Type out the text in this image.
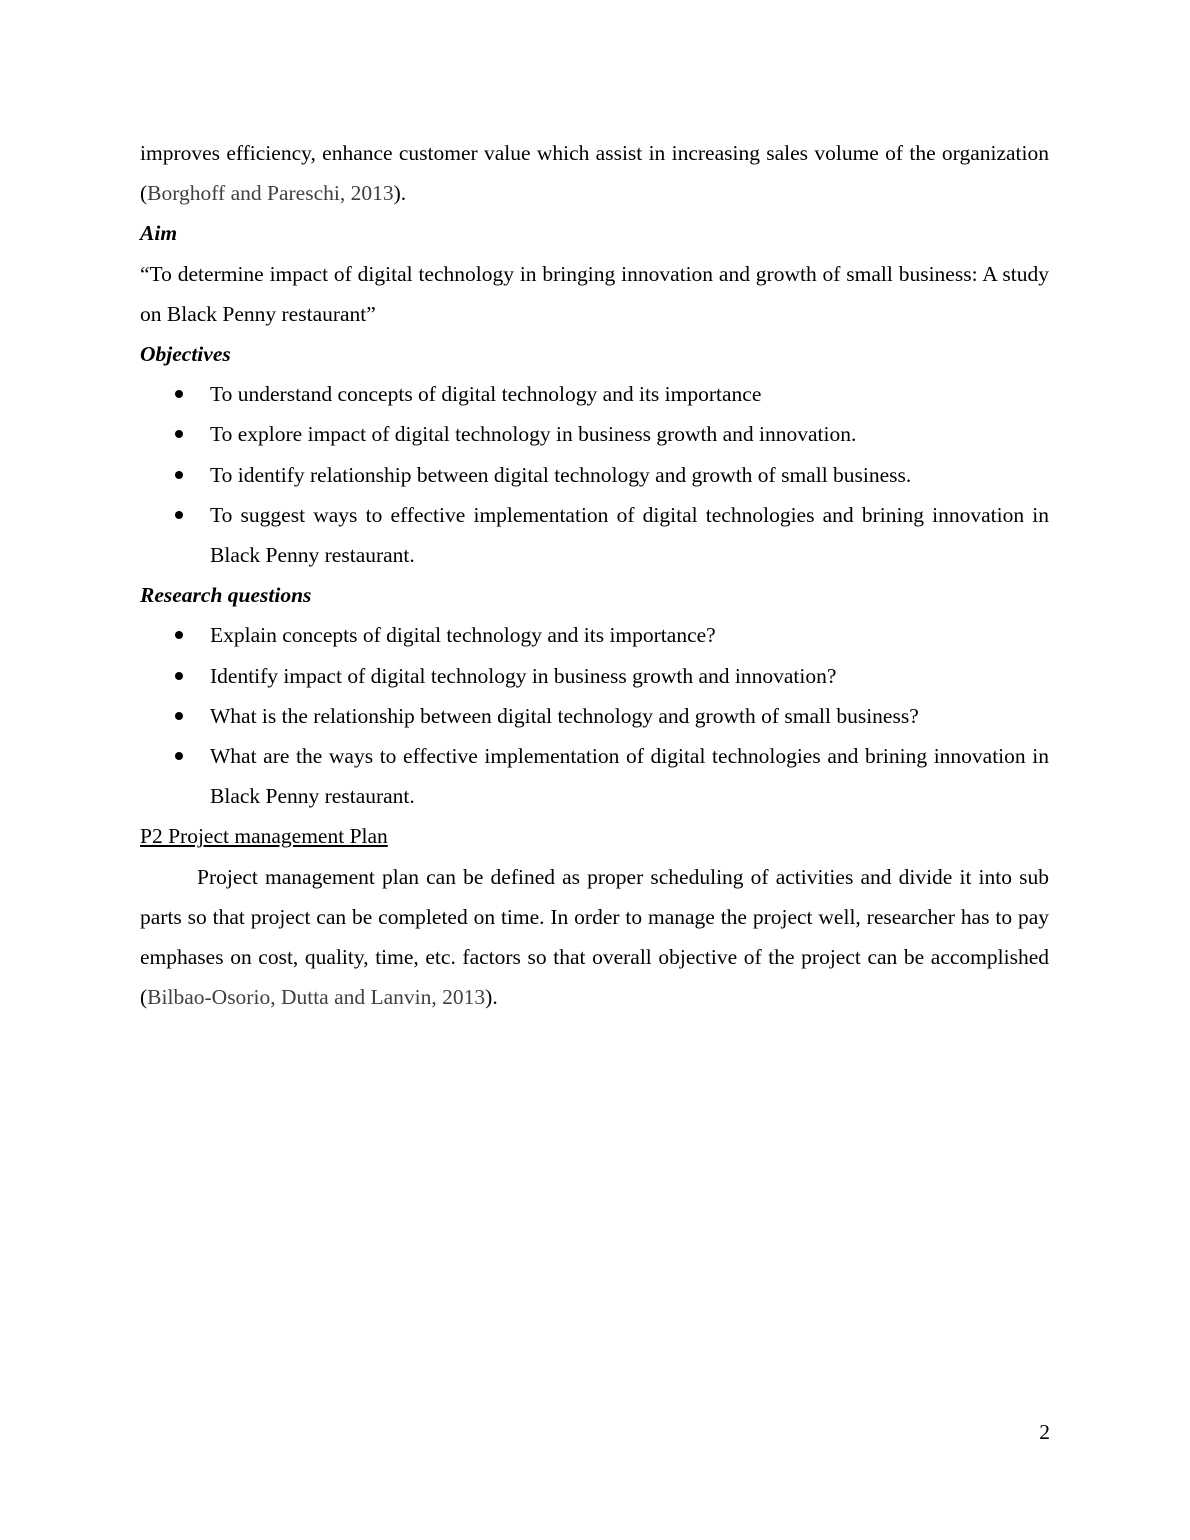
improves efficiency, enhance customer value which assist in increasing sales volume of the organization (Borghoff and Pareschi, 2013).

Aim

“To determine impact of digital technology in bringing innovation and growth of small business: A study on Black Penny restaurant”

Objectives

To understand concepts of digital technology and its importance
To explore impact of digital technology in business growth and innovation.
To identify relationship between digital technology and growth of small business.
To suggest ways to effective implementation of digital technologies and brining innovation in Black Penny restaurant.

Research questions

Explain concepts of digital technology and its importance?
Identify impact of digital technology in business growth and innovation?
What is the relationship between digital technology and growth of small business?
What are the ways to effective implementation of digital technologies and brining innovation in Black Penny restaurant.

P2 Project management Plan

Project management plan can be defined as proper scheduling of activities and divide it into sub parts so that project can be completed on time. In order to manage the project well, researcher has to pay emphases on cost, quality, time, etc. factors so that overall objective of the project can be accomplished (Bilbao-Osorio, Dutta and Lanvin, 2013).

2
